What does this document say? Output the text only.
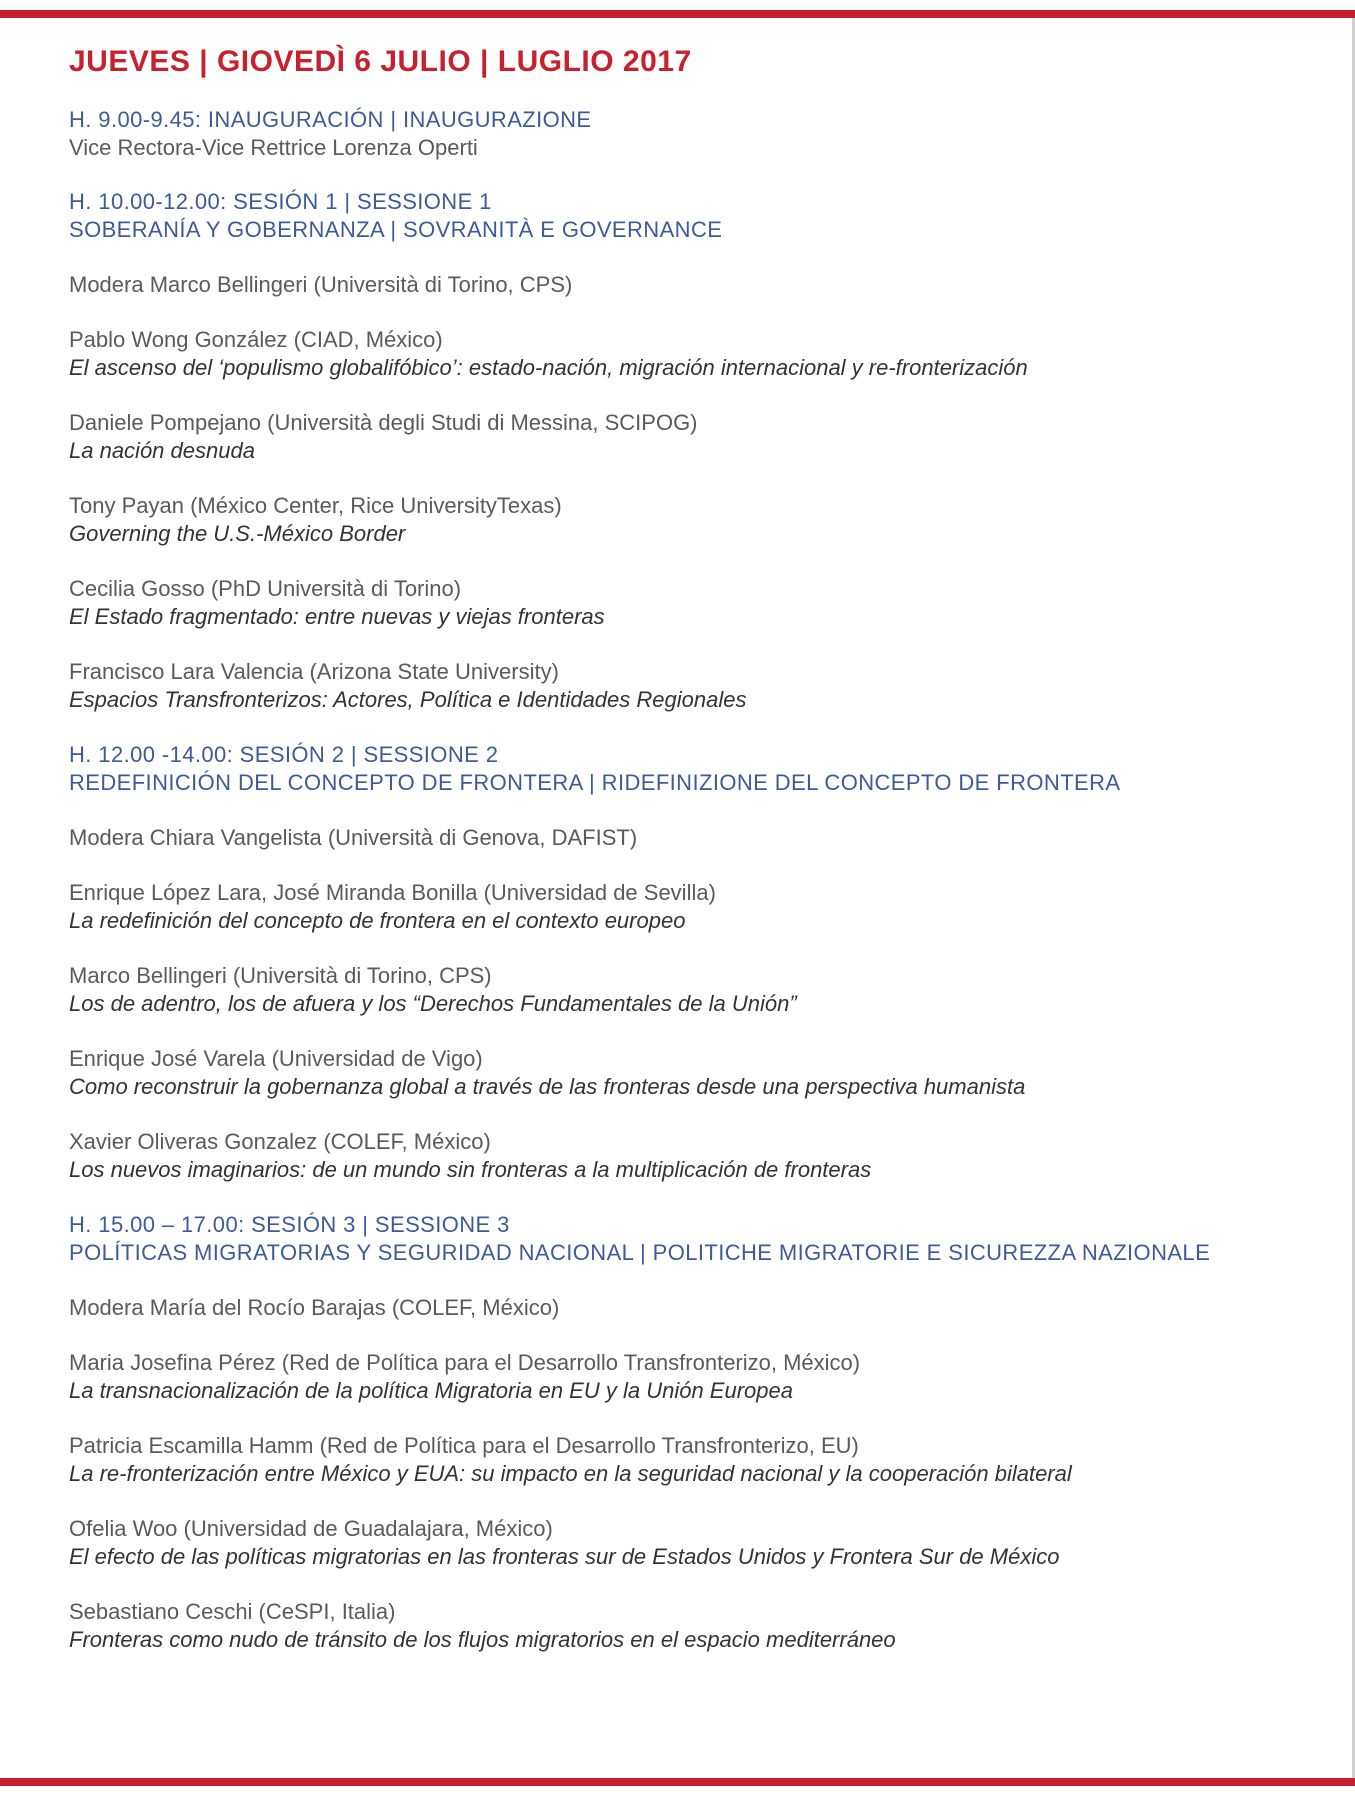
JUEVES | GIOVEDÌ 6 JULIO | LUGLIO 2017
H. 9.00-9.45: INAUGURACIÓN | INAUGURAZIONE
Vice Rectora-Vice Rettrice Lorenza Operti
H. 10.00-12.00: SESIÓN 1 | SESSIONE 1
SOBERANÍA Y GOBERNANZA | SOVRANITÀ E GOVERNANCE
Modera Marco Bellingeri (Università di Torino, CPS)
Pablo Wong González (CIAD, México)
El ascenso del ‘populismo globalifóbico’: estado-nación, migración internacional y re-fronterización
Daniele Pompejano (Università degli Studi di Messina, SCIPOG)
La nación desnuda
Tony Payan (México Center, Rice UniversityTexas)
Governing the U.S.-México Border
Cecilia Gosso (PhD Università di Torino)
El Estado fragmentado: entre nuevas y viejas fronteras
Francisco Lara Valencia (Arizona State University)
Espacios Transfronterizos: Actores, Política e Identidades Regionales
H. 12.00 -14.00: SESIÓN 2 | SESSIONE 2
REDEFINICIÓN DEL CONCEPTO DE FRONTERA | RIDEFINIZIONE DEL CONCEPTO DE FRONTERA
Modera Chiara Vangelista (Università di Genova, DAFIST)
Enrique López Lara, José Miranda Bonilla (Universidad de Sevilla)
La redefinición del concepto de frontera en el contexto europeo
Marco Bellingeri (Università di Torino, CPS)
Los de adentro, los de afuera y los “Derechos Fundamentales de la Unión”
Enrique José Varela (Universidad de Vigo)
Como reconstruir la gobernanza global a través de las fronteras desde una perspectiva humanista
Xavier Oliveras Gonzalez (COLEF, México)
Los nuevos imaginarios: de un mundo sin fronteras a la multiplicación de fronteras
H. 15.00 – 17.00: SESIÓN 3 | SESSIONE 3
POLÍTICAS MIGRATORIAS Y SEGURIDAD NACIONAL | POLITICHE MIGRATORIE E SICUREZZA NAZIONALE
Modera María del Rocío Barajas (COLEF, México)
Maria Josefina Pérez (Red de Política para el Desarrollo Transfronterizo, México)
La transnacionalización de la política Migratoria en EU y la Unión Europea
Patricia Escamilla Hamm (Red de Política para el Desarrollo Transfronterizo, EU)
La re-fronterización entre México y EUA: su impacto en la seguridad nacional y la cooperación bilateral
Ofelia Woo (Universidad de Guadalajara, México)
El efecto de las políticas migratorias en las fronteras sur de Estados Unidos y Frontera Sur de México
Sebastiano Ceschi (CeSPI, Italia)
Fronteras como nudo de tránsito de los flujos migratorios en el espacio mediterráneo
